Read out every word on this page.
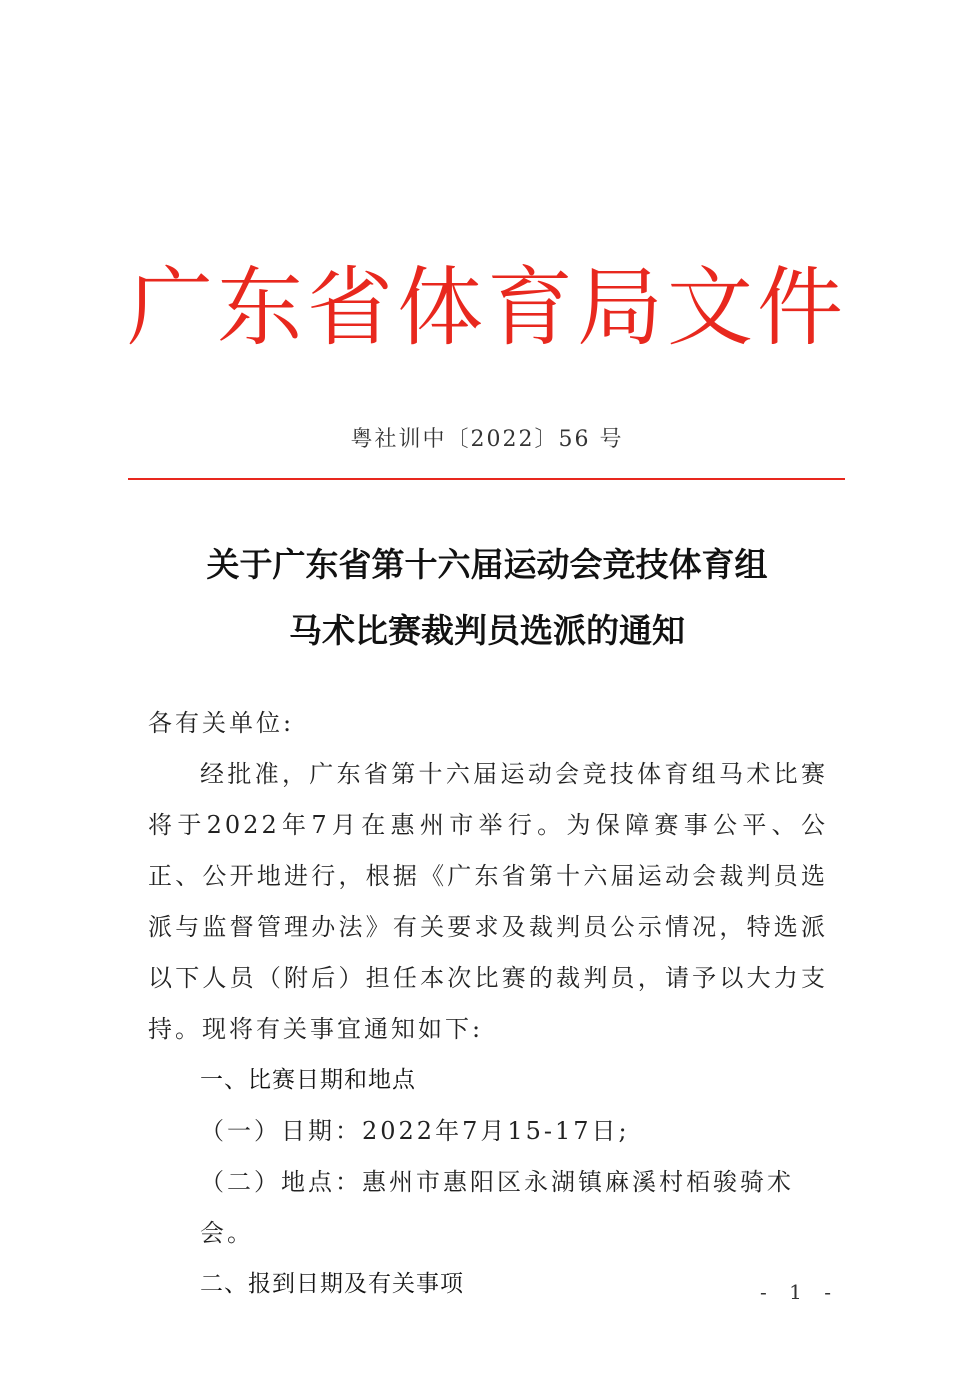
广东省体育局文件
粤社训中〔2022〕56 号
关于广东省第十六届运动会竞技体育组
马术比赛裁判员选派的通知

各有关单位:

经批准，广东省第十六届运动会竞技体育组马术比赛将于2022年7月在惠州市举行。为保障赛事公平、公正、公开地进行，根据《广东省第十六届运动会裁判员选派与监督管理办法》有关要求及裁判员公示情况，特选派以下人员（附后）担任本次比赛的裁判员，请予以大力支持。现将有关事宜通知如下:

一、比赛日期和地点

（一）日期：2022年7月15-17日;

（二）地点：惠州市惠阳区永湖镇麻溪村栢骏骑术会。

二、报到日期及有关事项	- 1 -
